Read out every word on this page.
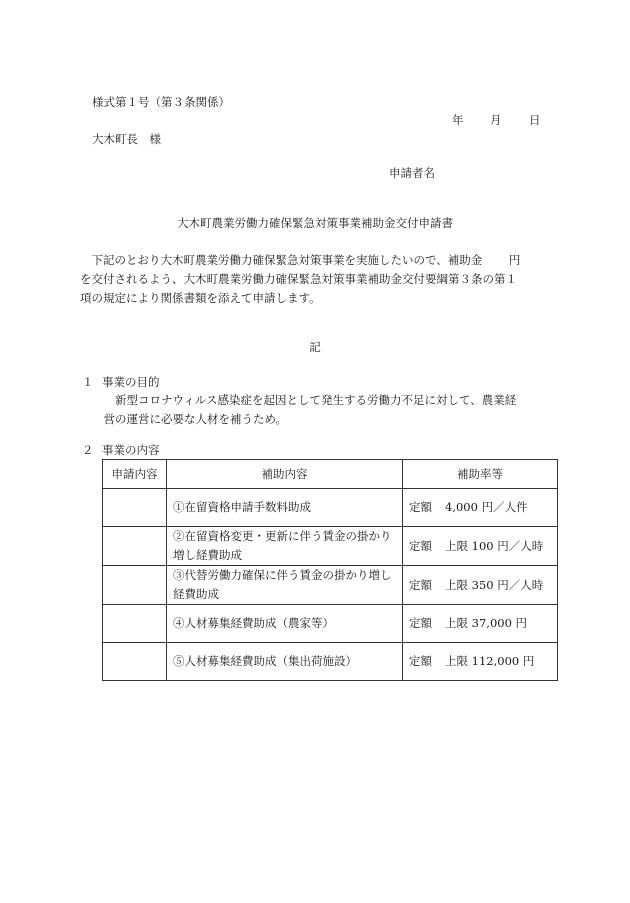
様式第１号（第３条関係）
年 月 日
大木町長　様
申請者名
大木町農業労働力確保緊急対策事業補助金交付申請書
　下記のとおり大木町農業労働力確保緊急対策事業を実施したいので、補助金　　 円
を交付されるよう、大木町農業労働力確保緊急対策事業補助金交付要綱第３条の第１
項の規定により関係書類を添えて申請します。
記
１ 事業の目的
　　新型コロナウィルス感染症を起因として発生する労働力不足に対して、農業経
　営の運営に必要な人材を補うため。
２ 事業の内容
申請内容	補助内容	補助率等
	①在留資格申請手数料助成	定額 4,000 円／人件
	②在留資格変更・更新に伴う賃金の掛かり増し経費助成	定額 上限 100 円／人時
	③代替労働力確保に伴う賃金の掛かり増し経費助成	定額 上限 350 円／人時
	④人材募集経費助成（農家等）	定額 上限 37,000 円
	⑤人材募集経費助成（集出荷施設）	定額 上限 112,000 円
